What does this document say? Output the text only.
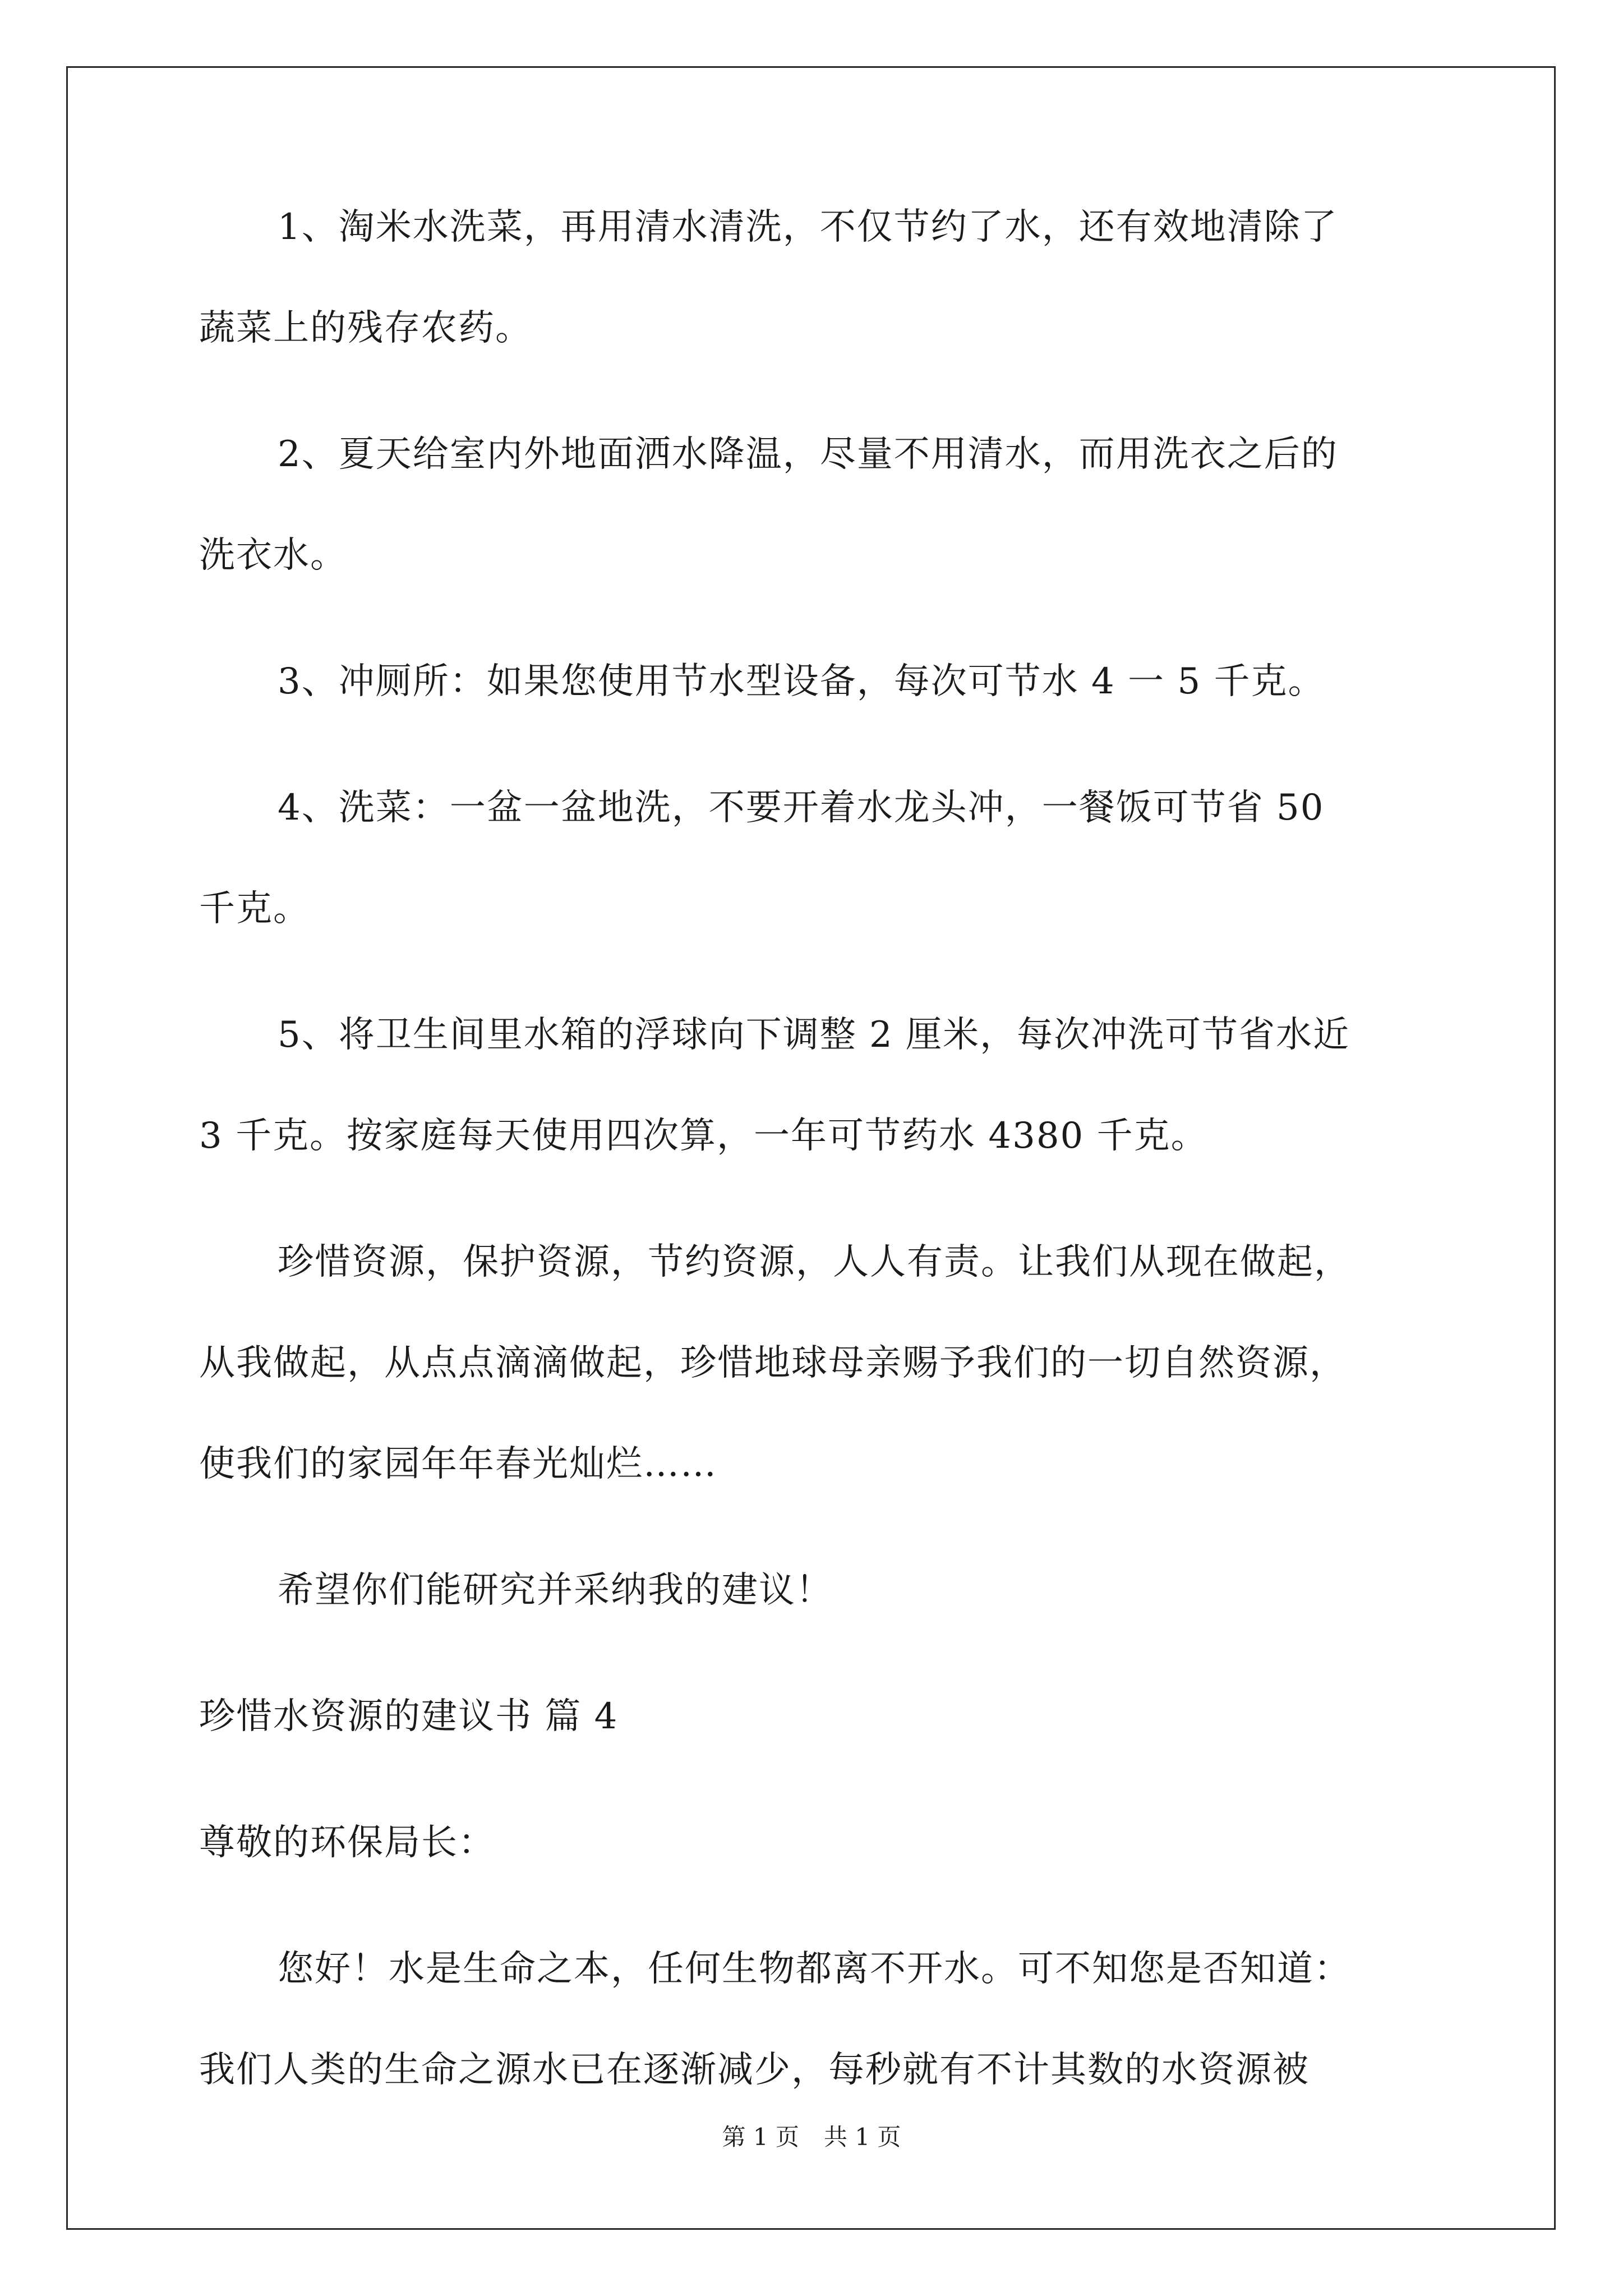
1、淘米水洗菜，再用清水清洗，不仅节约了水，还有效地清除了
蔬菜上的残存农药。
2、夏天给室内外地面洒水降温，尽量不用清水，而用洗衣之后的
洗衣水。
3、冲厕所：如果您使用节水型设备，每次可节水 4 一 5 千克。
4、洗菜：一盆一盆地洗，不要开着水龙头冲，一餐饭可节省 50
千克。
5、将卫生间里水箱的浮球向下调整 2 厘米，每次冲洗可节省水近
3 千克。按家庭每天使用四次算，一年可节药水 4380 千克。
珍惜资源，保护资源，节约资源，人人有责。让我们从现在做起，
从我做起，从点点滴滴做起，珍惜地球母亲赐予我们的一切自然资源，
使我们的家园年年春光灿烂……
希望你们能研究并采纳我的建议！
珍惜水资源的建议书 篇 4
尊敬的环保局长：
您好！水是生命之本，任何生物都离不开水。可不知您是否知道：
我们人类的生命之源水已在逐渐减少，每秒就有不计其数的水资源被
第 1 页 共 1 页
